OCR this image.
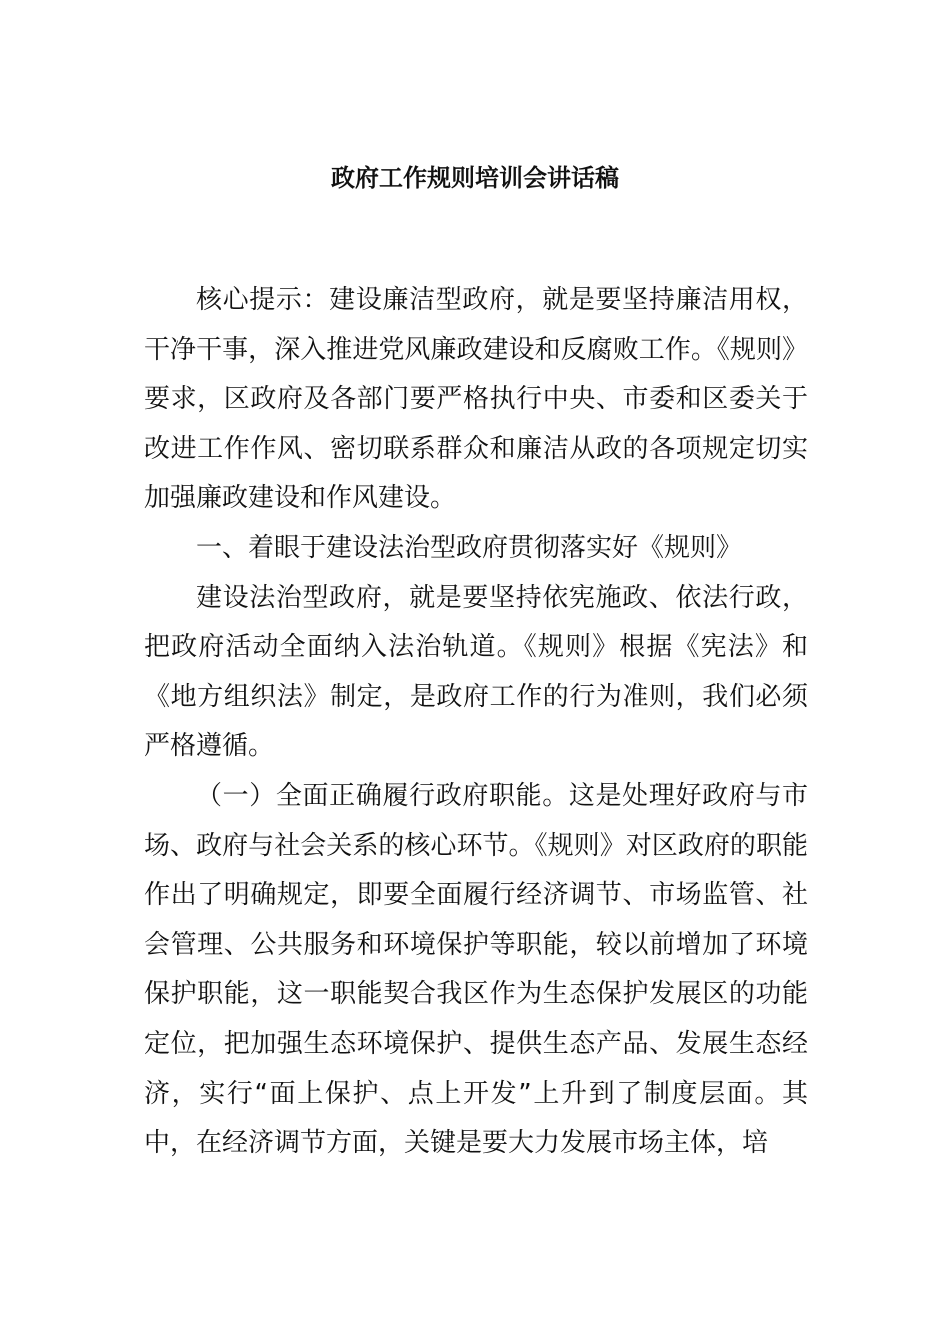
政府工作规则培训会讲话稿

核心提示：建设廉洁型政府，就是要坚持廉洁用权，干净干事，深入推进党风廉政建设和反腐败工作。《规则》要求，区政府及各部门要严格执行中央、市委和区委关于改进工作作风、密切联系群众和廉洁从政的各项规定切实加强廉政建设和作风建设。

一、着眼于建设法治型政府贯彻落实好《规则》

建设法治型政府，就是要坚持依宪施政、依法行政，把政府活动全面纳入法治轨道。《规则》根据《宪法》和《地方组织法》制定，是政府工作的行为准则，我们必须严格遵循。

（一）全面正确履行政府职能。这是处理好政府与市场、政府与社会关系的核心环节。《规则》对区政府的职能作出了明确规定，即要全面履行经济调节、市场监管、社会管理、公共服务和环境保护等职能，较以前增加了环境保护职能，这一职能契合我区作为生态保护发展区的功能定位，把加强生态环境保护、提供生态产品、发展生态经济，实行“面上保护、点上开发”上升到了制度层面。其中，在经济调节方面，关键是要大力发展市场主体，培
